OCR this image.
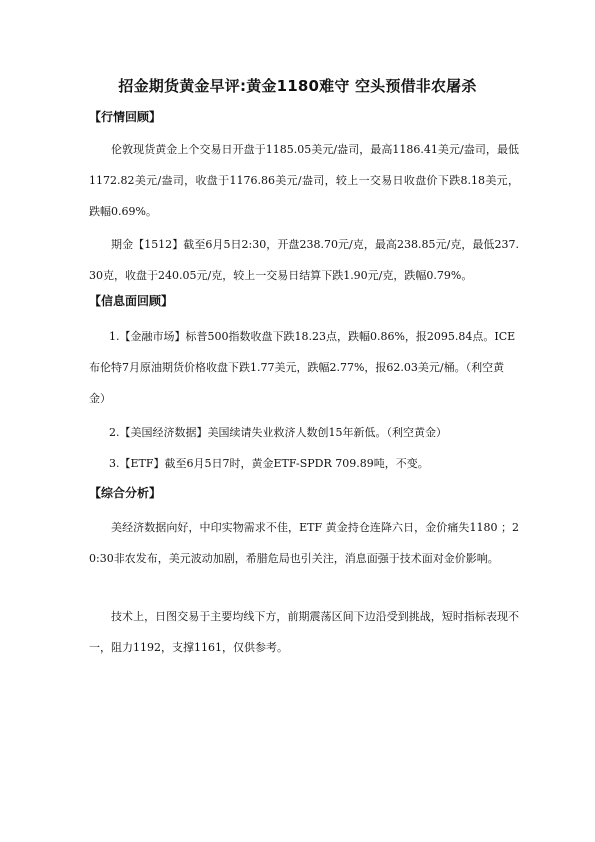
招金期货黄金早评:黄金1180难守 空头预借非农屠杀
【行情回顾】
伦敦现货黄金上个交易日开盘于1185.05美元/盎司，最高1186.41美元/盎司，最低1172.82美元/盎司，收盘于1176.86美元/盎司，较上一交易日收盘价下跌8.18美元，跌幅0.69%。
期金【1512】截至6月5日2:30，开盘238.70元/克，最高238.85元/克，最低237.30克，收盘于240.05元/克，较上一交易日结算下跌1.90元/克，跌幅0.79%。
【信息面回顾】
1.【金融市场】标普500指数收盘下跌18.23点，跌幅0.86%，报2095.84点。ICE布伦特7月原油期货价格收盘下跌1.77美元，跌幅2.77%，报62.03美元/桶。（利空黄金）
2.【美国经济数据】美国续请失业救济人数创15年新低。（利空黄金）
3.【ETF】截至6月5日7时，黄金ETF-SPDR 709.89吨，不变。
【综合分析】
美经济数据向好，中印实物需求不佳，ETF 黄金持仓连降六日，金价痛失1180 ；20:30非农发布，美元波动加剧，希腊危局也引关注，消息面强于技术面对金价影响。
技术上，日图交易于主要均线下方，前期震荡区间下边沿受到挑战，短时指标表现不一，阻力1192，支撑1161，仅供参考。
